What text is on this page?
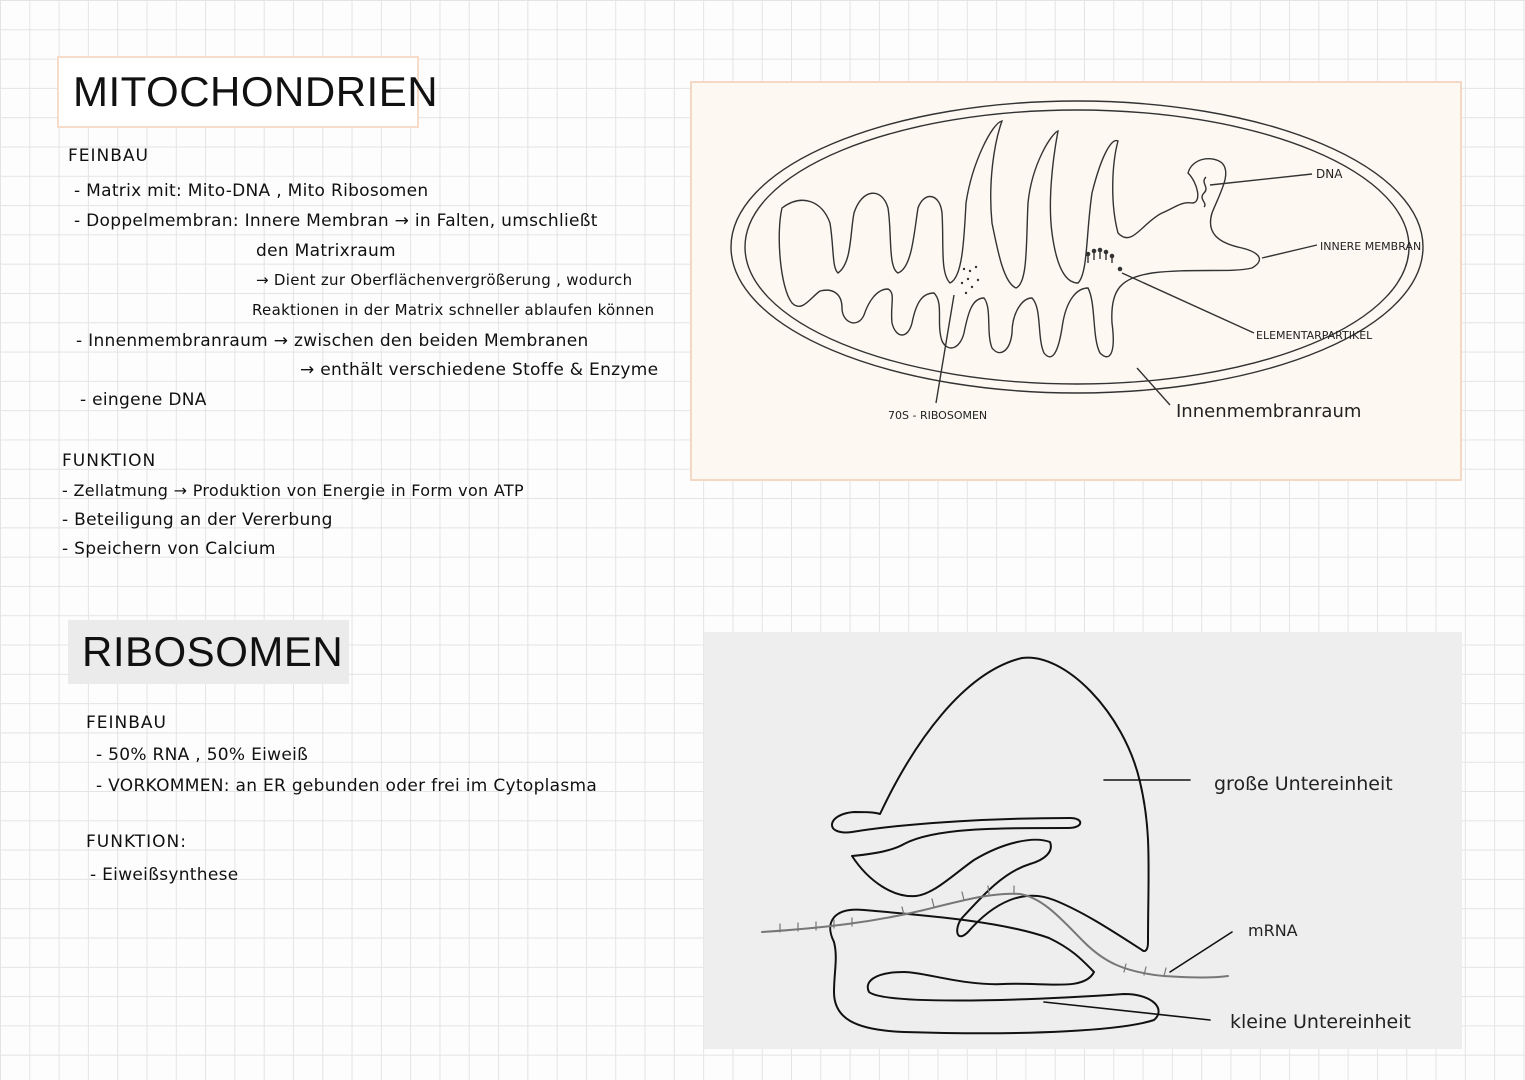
MITOCHONDRIEN
FEINBAU
- Matrix mit: Mito-DNA , Mito Ribosomen
- Doppelmembran: Innere Membran → in Falten, umschließt
den Matrixraum
→ Dient zur Oberflächenvergrößerung , wodurch
Reaktionen in der Matrix schneller ablaufen können
- Innenmembranraum → zwischen den beiden Membranen
→ enthält verschiedene Stoffe & Enzyme
- eingene DNA
FUNKTION
- Zellatmung → Produktion von Energie in Form von ATP
- Beteiligung an der Vererbung
- Speichern von Calcium
DNA
INNERE MEMBRAN
ELEMENTARPARTIKEL
70S - RIBOSOMEN	Innenmembranraum
RIBOSOMEN
FEINBAU
- 50% RNA , 50% Eiweiß
- VORKOMMEN: an ER gebunden oder frei im Cytoplasma
FUNKTION:
- Eiweißsynthese
große Untereinheit
mRNA
kleine Untereinheit
